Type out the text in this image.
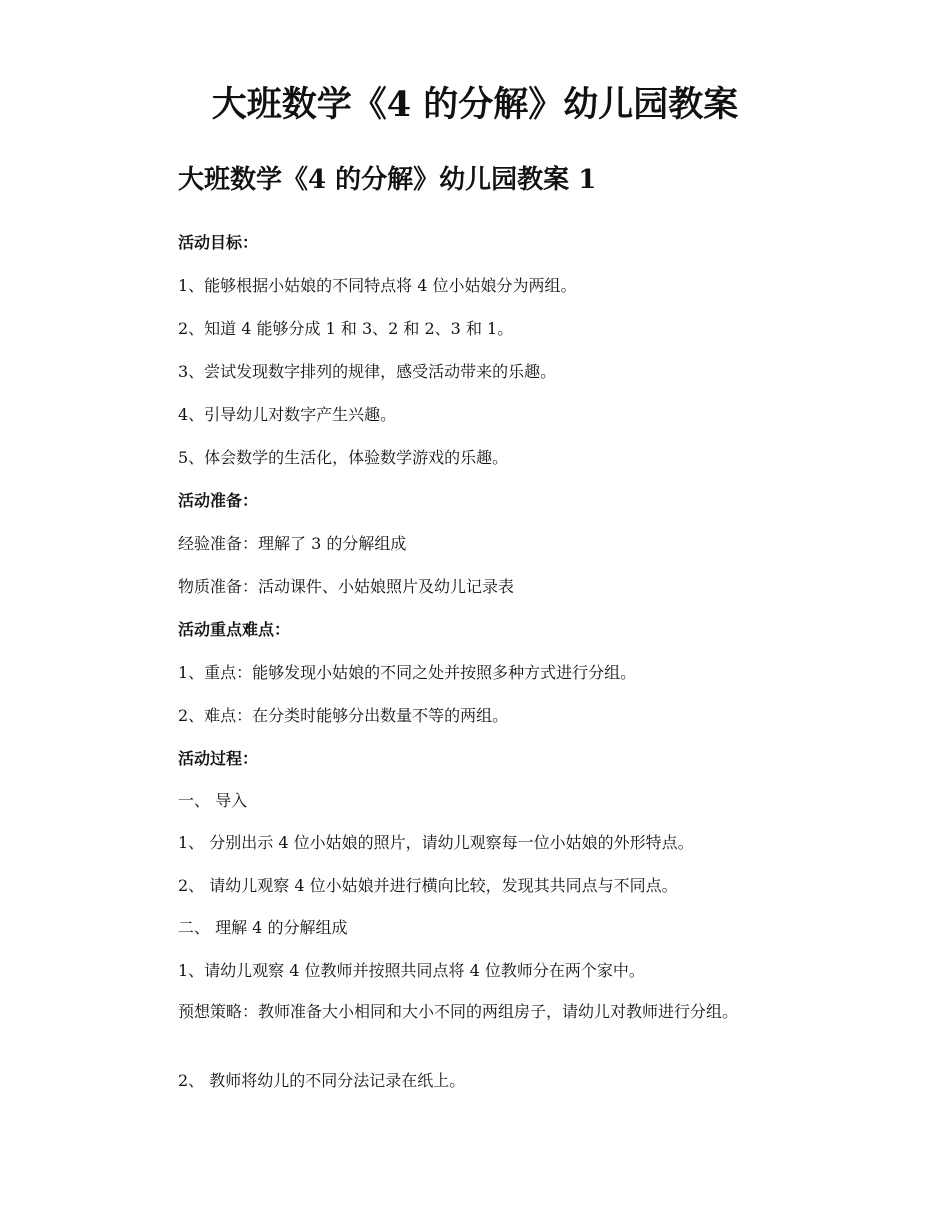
大班数学《4 的分解》幼儿园教案
大班数学《4 的分解》幼儿园教案 1

活动目标：

1、能够根据小姑娘的不同特点将 4 位小姑娘分为两组。

2、知道 4 能够分成 1 和 3、2 和 2、3 和 1。

3、尝试发现数字排列的规律，感受活动带来的乐趣。

4、引导幼儿对数字产生兴趣。

5、体会数学的生活化，体验数学游戏的乐趣。

活动准备：

经验准备：理解了 3 的分解组成

物质准备：活动课件、小姑娘照片及幼儿记录表

活动重点难点：

1、重点：能够发现小姑娘的不同之处并按照多种方式进行分组。

2、难点：在分类时能够分出数量不等的两组。

活动过程：

一、 导入

1、 分别出示 4 位小姑娘的照片，请幼儿观察每一位小姑娘的外形特点。

2、 请幼儿观察 4 位小姑娘并进行横向比较，发现其共同点与不同点。

二、 理解 4 的分解组成

1、请幼儿观察 4 位教师并按照共同点将 4 位教师分在两个家中。

预想策略：教师准备大小相同和大小不同的两组房子，请幼儿对教师进行分组。

2、 教师将幼儿的不同分法记录在纸上。
